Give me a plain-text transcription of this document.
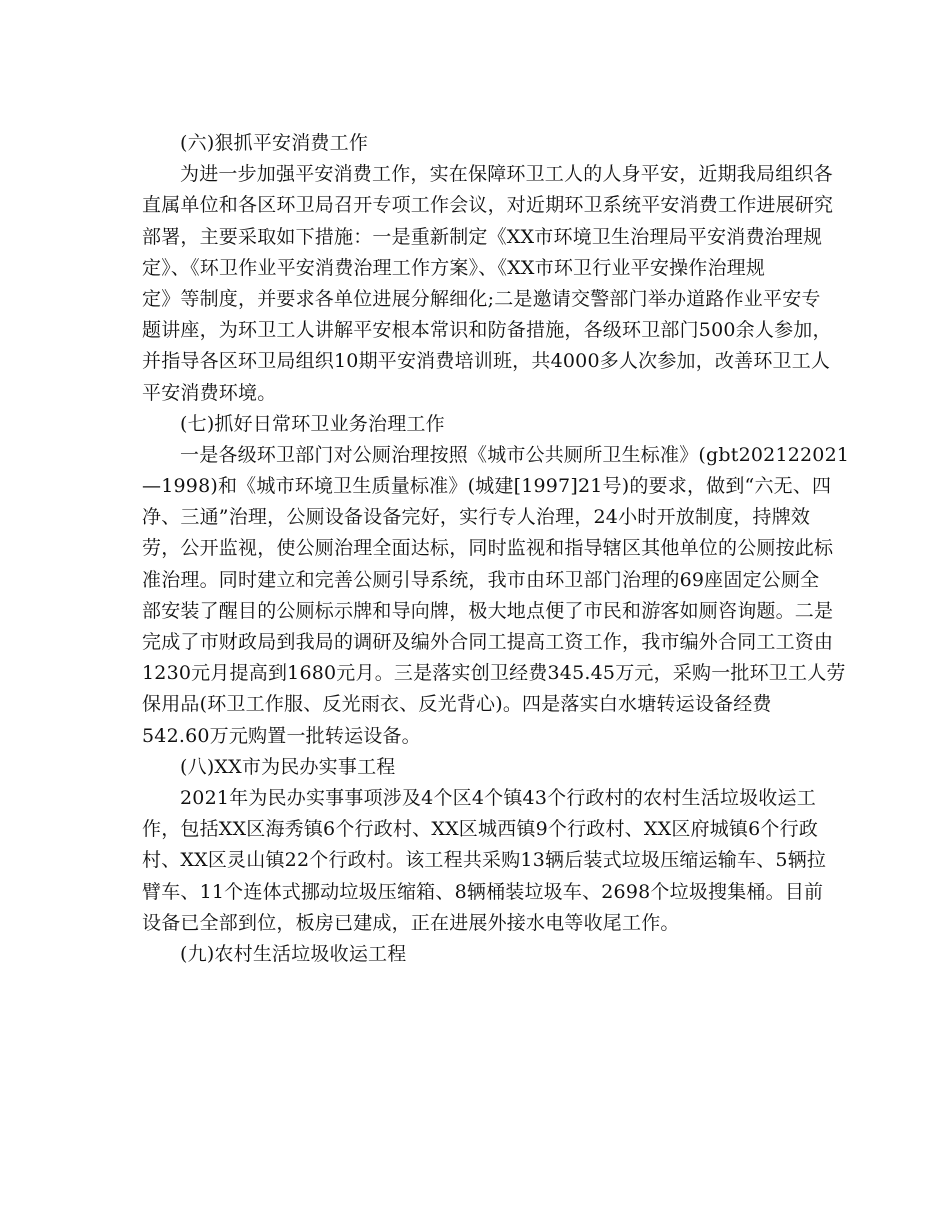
(六)狠抓平安消费工作
为进一步加强平安消费工作，实在保障环卫工人的人身平安，近期我局组织各
直属单位和各区环卫局召开专项工作会议，对近期环卫系统平安消费工作进展研究
部署，主要采取如下措施：一是重新制定《XX市环境卫生治理局平安消费治理规
定》、《环卫作业平安消费治理工作方案》、《XX市环卫行业平安操作治理规
定》等制度，并要求各单位进展分解细化;二是邀请交警部门举办道路作业平安专
题讲座，为环卫工人讲解平安根本常识和防备措施，各级环卫部门500余人参加，
并指导各区环卫局组织10期平安消费培训班，共4000多人次参加，改善环卫工人
平安消费环境。
(七)抓好日常环卫业务治理工作
一是各级环卫部门对公厕治理按照《城市公共厕所卫生标准》(gbt202122021
—1998)和《城市环境卫生质量标准》(城建[1997]21号)的要求，做到“六无、四
净、三通”治理，公厕设备设备完好，实行专人治理，24小时开放制度，持牌效
劳，公开监视，使公厕治理全面达标，同时监视和指导辖区其他单位的公厕按此标
准治理。同时建立和完善公厕引导系统，我市由环卫部门治理的69座固定公厕全
部安装了醒目的公厕标示牌和导向牌，极大地点便了市民和游客如厕咨询题。二是
完成了市财政局到我局的调研及编外合同工提高工资工作，我市编外合同工工资由
1230元月提高到1680元月。三是落实创卫经费345.45万元，采购一批环卫工人劳
保用品(环卫工作服、反光雨衣、反光背心)。四是落实白水塘转运设备经费
542.60万元购置一批转运设备。
(八)XX市为民办实事工程
2021年为民办实事事项涉及4个区4个镇43个行政村的农村生活垃圾收运工
作，包括XX区海秀镇6个行政村、XX区城西镇9个行政村、XX区府城镇6个行政
村、XX区灵山镇22个行政村。该工程共采购13辆后装式垃圾压缩运输车、5辆拉
臂车、11个连体式挪动垃圾压缩箱、8辆桶装垃圾车、2698个垃圾搜集桶。目前
设备已全部到位，板房已建成，正在进展外接水电等收尾工作。
(九)农村生活垃圾收运工程
